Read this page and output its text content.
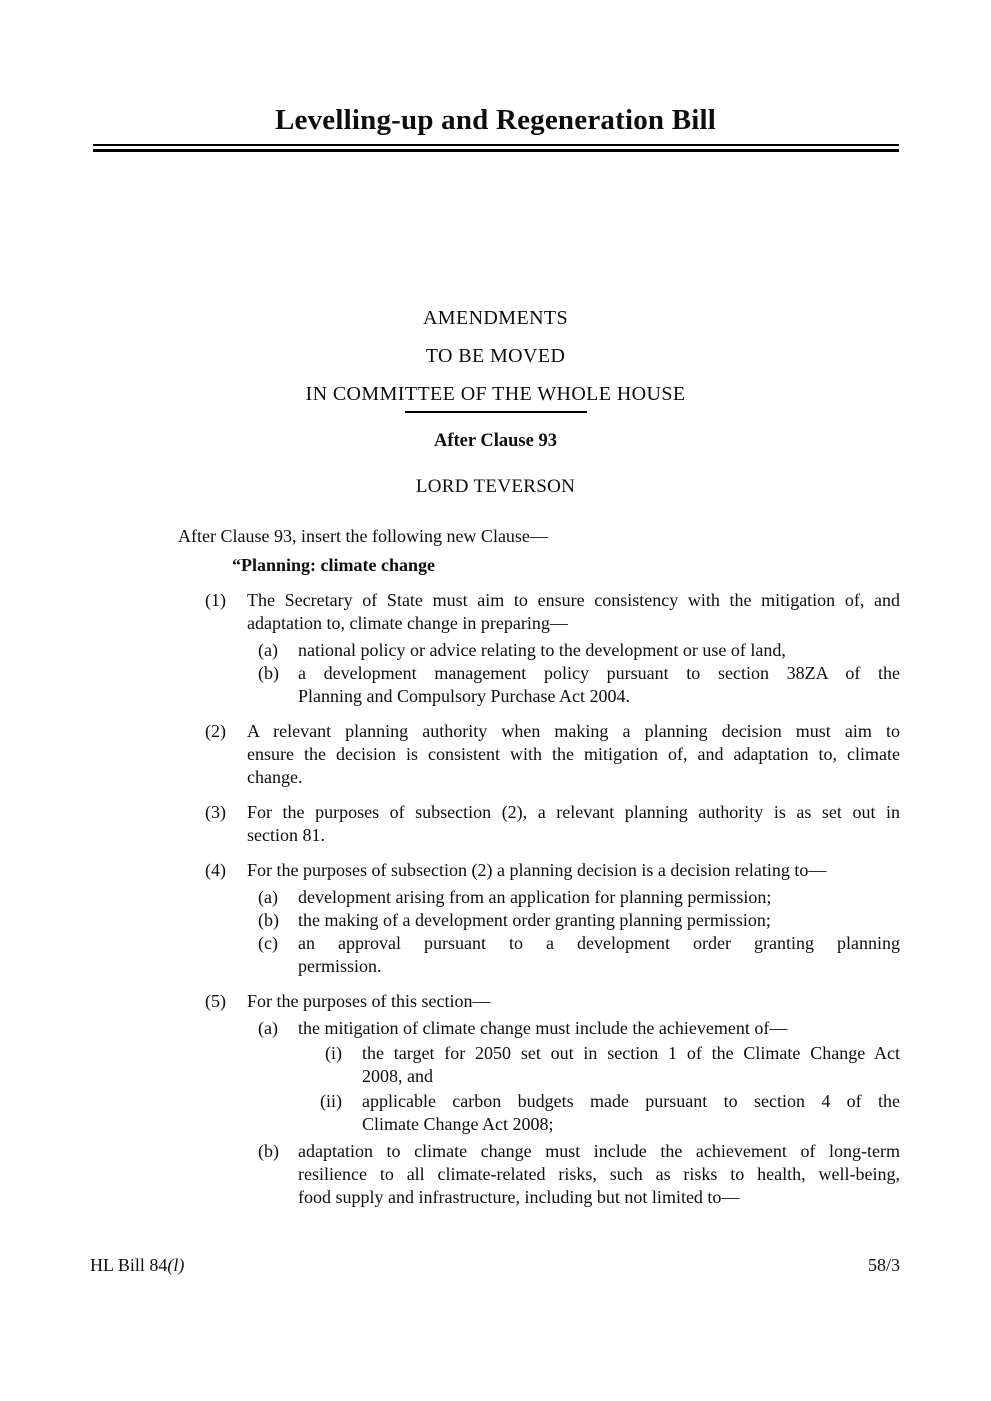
Levelling-up and Regeneration Bill
AMENDMENTS
TO BE MOVED
IN COMMITTEE OF THE WHOLE HOUSE
After Clause 93
LORD TEVERSON
After Clause 93, insert the following new Clause—
“Planning: climate change
(1)	The Secretary of State must aim to ensure consistency with the mitigation of, and
adaptation to, climate change in preparing—
(a)	national policy or advice relating to the development or use of land,
(b)	a development management policy pursuant to section 38ZA of the
Planning and Compulsory Purchase Act 2004.
(2)	A relevant planning authority when making a planning decision must aim to
ensure the decision is consistent with the mitigation of, and adaptation to, climate
change.
(3)	For the purposes of subsection (2), a relevant planning authority is as set out in
section 81.
(4)	For the purposes of subsection (2) a planning decision is a decision relating to—
(a)	development arising from an application for planning permission;
(b)	the making of a development order granting planning permission;
(c)	an approval pursuant to a development order granting planning
permission.
(5)	For the purposes of this section—
(a)	the mitigation of climate change must include the achievement of—
(i)	the target for 2050 set out in section 1 of the Climate Change Act
2008, and
(ii)	applicable carbon budgets made pursuant to section 4 of the
Climate Change Act 2008;
(b)	adaptation to climate change must include the achievement of long-term
resilience to all climate-related risks, such as risks to health, well-being,
food supply and infrastructure, including but not limited to—
HL Bill 84(l)	58/3
